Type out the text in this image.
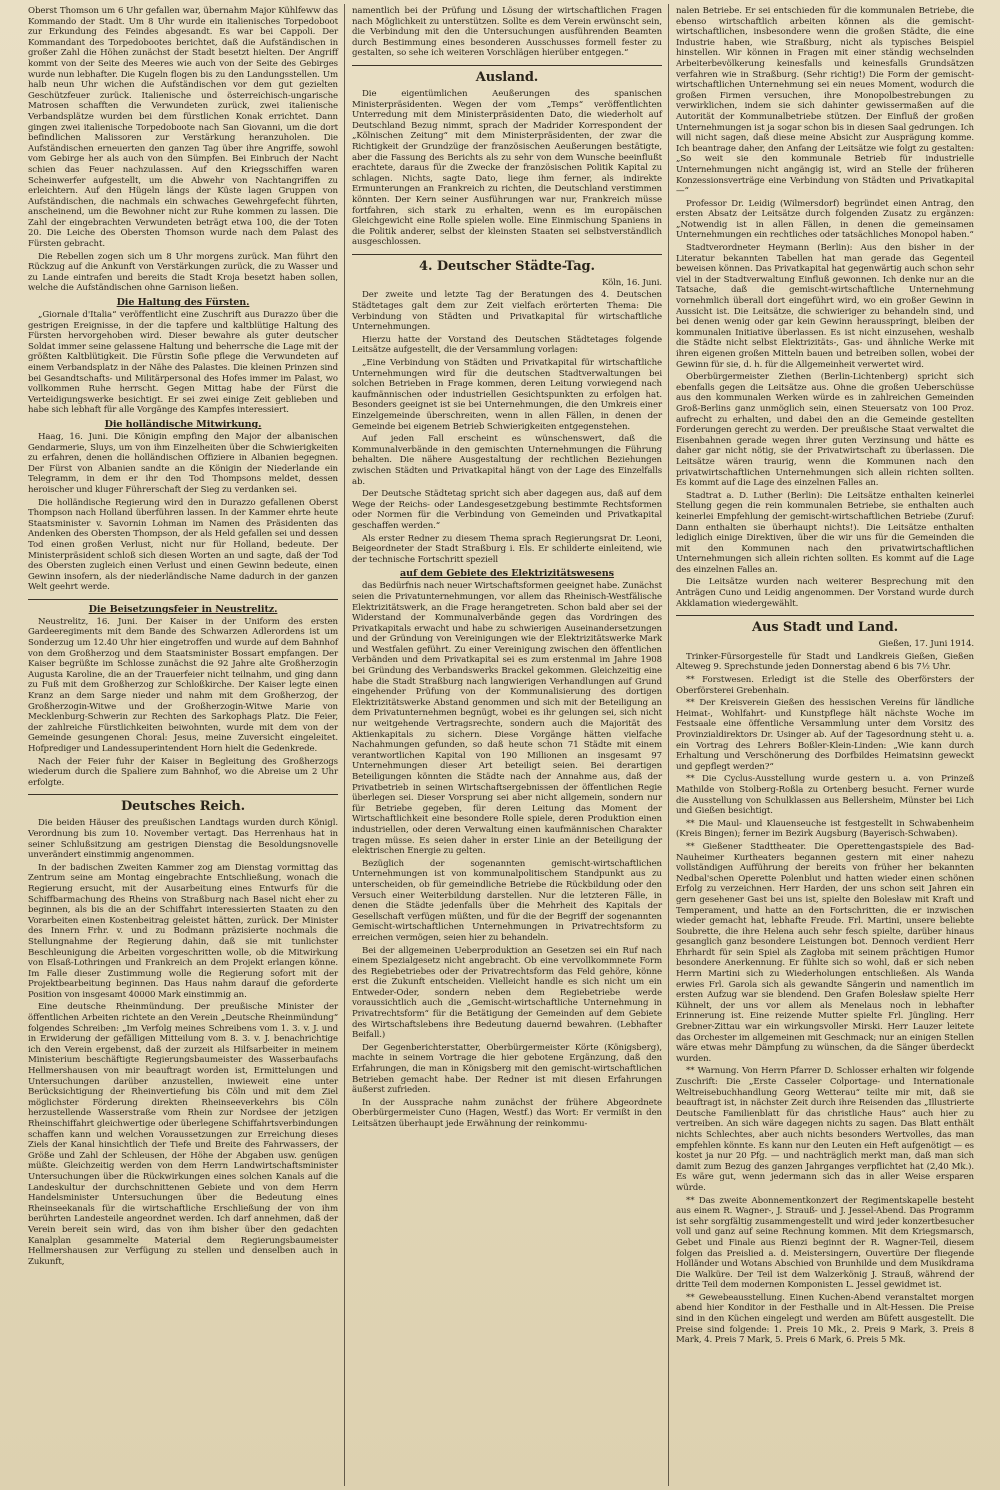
Oberst Thomson um 6 Uhr gefallen war, übernahm Major Kühlfeww das Kommando der Stadt. Um 8 Uhr wurde ein italienisches Torpedoboot zur Erkundung des Feindes abgesandt. Es war bei Cappoli. Der Kommandant des Torpedobootes berichtet, daß die Aufständischen in großer Zahl die Höhen zunächst der Stadt besetzt hielten. Der Angriff kommt von der Seite des Meeres wie auch von der Seite des Gebirges wurde nun lebhafter. Die Kugeln flogen bis zu den Landungsstellen. Um halb neun Uhr wichen die Aufständischen vor dem gut gezielten Geschützfeuer zurück. Italienische und österreichisch-ungarische Matrosen schafften die Verwundeten zurück, zwei italienische Verbandsplätze wurden bei dem fürstlichen Konak errichtet. Dann gingen zwei italienische Torpedoboote nach San Giovanni, um die dort befindlichen Malissoren zur Verstärkung heranzuholen. Die Aufständischen erneuerten den ganzen Tag über ihre Angriffe, sowohl vom Gebirge her als auch von den Sümpfen. Bei Einbruch der Nacht schien das Feuer nachzulassen. Auf den Kriegsschiffen waren Scheinwerfer aufgestellt, um die Abwehr von Nachtangriffen zu erleichtern. Auf den Hügeln längs der Küste lagen Gruppen von Aufständischen, die nachmals ein schwaches Gewehrgefecht führten, anscheinend, um die Bewohner nicht zur Ruhe kommen zu lassen. Die Zahl der eingebrachten Verwundeten beträgt etwa 100, die der Toten 20. Die Leiche des Obersten Thomson wurde nach dem Palast des Fürsten gebracht.

Die Rebellen zogen sich um 8 Uhr morgens zurück. Man führt den Rückzug auf die Ankunft von Verstärkungen zurück, die zu Wasser und zu Lande eintrafen und bereits die Stadt Kroja besetzt haben sollen, welche die Aufständischen ohne Garnison ließen.

Die Haltung des Fürsten.

„Giornale d'Italia“ veröffentlicht eine Zuschrift aus Durazzo über die gestrigen Ereignisse, in der die tapfere und kaltblütige Haltung des Fürsten hervorgehoben wird. Dieser bewahre als guter deutscher Soldat immer seine gelassene Haltung und beherrsche die Lage mit der größten Kaltblütigkeit. Die Fürstin Sofie pflege die Verwundeten auf einem Verbandsplatz in der Nähe des Palastes. Die kleinen Prinzen sind bei Gesandtschafts- und Militärpersonal des Hofes immer im Palast, wo vollkommen Ruhe herrscht. Gegen Mittag habe der Fürst die Verteidigungswerke besichtigt. Er sei zwei einige Zeit geblieben und habe sich lebhaft für alle Vorgänge des Kampfes interessiert.

Die holländische Mitwirkung.

Haag, 16. Juni. Die Königin empfing den Major der albanischen Gendarmerie, Sluys, um von ihm Einzelheiten über die Schwierigkeiten zu erfahren, denen die holländischen Offiziere in Albanien begegnen. Der Fürst von Albanien sandte an die Königin der Niederlande ein Telegramm, in dem er ihr den Tod Thompsons meldet, dessen heroischer und kluger Führerschaft der Sieg zu verdanken sei.

Die holländische Regierung wird den in Durazzo gefallenen Oberst Thompson nach Holland überführen lassen. In der Kammer ehrte heute Staatsminister v. Savornin Lohman im Namen des Präsidenten das Andenken des Obersten Thompson, der als Held gefallen sei und dessen Tod einen großen Verlust, nicht nur für Holland, bedeute. Der Ministerpräsident schloß sich diesen Worten an und sagte, daß der Tod des Obersten zugleich einen Verlust und einen Gewinn bedeute, einen Gewinn insofern, als der niederländische Name dadurch in der ganzen Welt geehrt werde.

Die Beisetzungsfeier in Neustrelitz.

Neustrelitz, 16. Juni. Der Kaiser in der Uniform des ersten Gardeeregiments mit dem Bande des Schwarzen Adlerordens ist um Sonderzug um 12.40 Uhr hier eingetroffen und wurde auf dem Bahnhof von dem Großherzog und dem Staatsminister Bossart empfangen. Der Kaiser begrüßte im Schlosse zunächst die 92 Jahre alte Großherzogin Augusta Karoline, die an der Trauerfeier nicht teilnahm, und ging dann zu Fuß mit dem Großherzog zur Schloßkirche. Der Kaiser legte einen Kranz an dem Sarge nieder und nahm mit dem Großherzog, der Großherzogin-Witwe und der Großherzogin-Witwe Marie von Mecklenburg-Schwerin zur Rechten des Sarkophags Platz. Die Feier, der zahlreiche Fürstlichkeiten beiwohnten, wurde mit dem von der Gemeinde gesungenen Choral: Jesus, meine Zuversicht eingeleitet. Hofprediger und Landessuperintendent Horn hielt die Gedenkrede.

Nach der Feier fuhr der Kaiser in Begleitung des Großherzogs wiederum durch die Spaliere zum Bahnhof, wo die Abreise um 2 Uhr erfolgte.

Deutsches Reich.

Die beiden Häuser des preußischen Landtags wurden durch Königl. Verordnung bis zum 10. November vertagt. Das Herrenhaus hat in seiner Schlußsitzung am gestrigen Dienstag die Besoldungsnovelle unverändert einstimmig angenommen.

In der badischen Zweiten Kammer zog am Dienstag vormittag das Zentrum seine am Montag eingebrachte Entschließung, wonach die Regierung ersucht, mit der Ausarbeitung eines Entwurfs für die Schiffbarmachung des Rheins von Straßburg nach Basel nicht eher zu beginnen, als bis die an der Schiffahrt interessierten Staaten zu den Vorarbeiten einen Kostenbeitrag geleistet hätten, zurück. Der Minister des Innern Frhr. v. und zu Bodmann präzisierte nochmals die Stellungnahme der Regierung dahin, daß sie mit tunlichster Beschleunigung die Arbeiten vorgeschritten wolle, ob die Mitwirkung von Elsaß-Lothringen und Frankreich an dem Projekt erlangen könne. Im Falle dieser Zustimmung wolle die Regierung sofort mit der Projektbearbeitung beginnen. Das Haus nahm darauf die geforderte Position von insgesamt 40000 Mark einstimmig an.

Eine deutsche Rheinmündung. Der preußische Minister der öffentlichen Arbeiten richtete an den Verein „Deutsche Rheinmündung“ folgendes Schreiben: „Im Verfolg meines Schreibens vom 1. 3. v. J. und in Erwiderung der gefälligen Mitteilung vom 8. 3. v. J. benachrichtige ich den Verein ergebenst, daß der zurzeit als Hilfsarbeiter in meinem Ministerium beschäftigte Regierungsbaumeister des Wasserbaufachs Hellmershausen von mir beauftragt worden ist, Ermittelungen und Untersuchungen darüber anzustellen, inwieweit eine unter Berücksichtigung der Rheinvertiefung bis Cöln und mit dem Ziel möglichster Förderung direkten Rheinseeverkehrs bis Cöln herzustellende Wasserstraße vom Rhein zur Nordsee der jetzigen Rheinschiffahrt gleichwertige oder überlegene Schiffahrtsverbindungen schaffen kann und welchen Voraussetzungen zur Erreichung dieses Ziels der Kanal hinsichtlich der Tiefe und Breite des Fahrwassers, der Größe und Zahl der Schleusen, der Höhe der Abgaben usw. genügen müßte. Gleichzeitig werden von dem Herrn Landwirtschaftsminister Untersuchungen über die Rückwirkungen eines solchen Kanals auf die Landeskultur der durchschnittenen Gebiete und von dem Herrn Handelsminister Untersuchungen über die Bedeutung eines Rheinseekanals für die wirtschaftliche Erschließung der von ihm berührten Landesteile angeordnet werden. Ich darf annehmen, daß der Verein bereit sein wird, das von ihm bisher über den gedachten Kanalplan gesammelte Material dem Regierungsbaumeister Hellmershausen zur Verfügung zu stellen und denselben auch in Zukunft,

namentlich bei der Prüfung und Lösung der wirtschaftlichen Fragen nach Möglichkeit zu unterstützen. Sollte es dem Verein erwünscht sein, die Verbindung mit den die Untersuchungen ausführenden Beamten durch Bestimmung eines besonderen Ausschusses formell fester zu gestalten, so sehe ich weiteren Vorschlägen hierüber entgegen.“

Ausland.

Die eigentümlichen Aeußerungen des spanischen Ministerpräsidenten. Wegen der vom „Temps“ veröffentlichten Unterredung mit dem Ministerpräsidenten Dato, die wiederholt auf Deutschland Bezug nimmt, sprach der Madrider Korrespondent der „Kölnischen Zeitung“ mit dem Ministerpräsidenten, der zwar die Richtigkeit der Grundzüge der französischen Aeußerungen bestätigte, aber die Fassung des Berichts als zu sehr von dem Wunsche beeinflußt erachtete, daraus für die Zwecke der französischen Politik Kapital zu schlagen. Nichts, sagte Dato, liege ihm ferner, als indirekte Ermunterungen an Frankreich zu richten, die Deutschland verstimmen könnten. Der Kern seiner Ausführungen war nur, Frankreich müsse fortfahren, sich stark zu erhalten, wenn es im europäischen Gleichgewicht eine Rolle spielen wolle. Eine Einmischung Spaniens in die Politik anderer, selbst der kleinsten Staaten sei selbstverständlich ausgeschlossen.

4. Deutscher Städte-Tag.
Köln, 16. Juni.

Der zweite und letzte Tag der Beratungen des 4. Deutschen Städtetages galt dem zur Zeit vielfach erörterten Thema: Die Verbindung von Städten und Privatkapital für wirtschaftliche Unternehmungen.

Hierzu hatte der Vorstand des Deutschen Städtetages folgende Leitsätze aufgestellt, die der Versammlung vorlagen:

„Eine Verbindung von Städten und Privatkapital für wirtschaftliche Unternehmungen wird für die deutschen Stadtverwaltungen bei solchen Betrieben in Frage kommen, deren Leitung vorwiegend nach kaufmännischen oder industriellen Gesichtspunkten zu erfolgen hat. Besonders geeignet ist sie bei Unternehmungen, die den Umkreis einer Einzelgemeinde überschreiten, wenn in allen Fällen, in denen der Gemeinde bei eigenem Betrieb Schwierigkeiten entgegenstehen.

Auf jeden Fall erscheint es wünschenswert, daß die Kommunalverbände in den gemischten Unternehmungen die Führung behalten. Die nähere Ausgestaltung der rechtlichen Beziehungen zwischen Städten und Privatkapital hängt von der Lage des Einzelfalls ab.

Der Deutsche Städtetag spricht sich aber dagegen aus, daß auf dem Wege der Reichs- oder Landesgesetzgebung bestimmte Rechtsformen oder Normen für die Verbindung von Gemeinden und Privatkapital geschaffen werden.“

Als erster Redner zu diesem Thema sprach Regierungsrat Dr. Leoni, Beigeordneter der Stadt Straßburg i. Els. Er schilderte einleitend, wie der technische Fortschritt speziell

auf dem Gebiete des Elektrizitätswesens

das Bedürfnis nach neuer Wirtschaftsformen geeignet habe. Zunächst seien die Privatunternehmungen, vor allem das Rheinisch-Westfälische Elektrizitätswerk, an die Frage herangetreten. Schon bald aber sei der Widerstand der Kommunalverbände gegen das Vordringen des Privatkapitals erwacht und habe zu schwierigen Auseinandersetzungen und der Gründung von Vereinigungen wie der Elektrizitätswerke Mark und Westfalen geführt. Zu einer Vereinigung zwischen den öffentlichen Verbänden und dem Privatkapital sei es zum erstenmal im Jahre 1908 bei Gründung des Verbandswerks Brackel gekommen. Gleichzeitig eine habe die Stadt Straßburg nach langwierigen Verhandlungen auf Grund eingehender Prüfung von der Kommunalisierung des dortigen Elektrizitätswerke Abstand genommen und sich mit der Beteiligung an dem Privatunternehmen begnügt, wobei es ihr gelungen sei, sich nicht nur weitgehende Vertragsrechte, sondern auch die Majorität des Aktienkapitals zu sichern. Diese Vorgänge hätten vielfache Nachahmungen gefunden, so daß heute schon 71 Städte mit einem verantwortlichen Kapital von 190 Millionen an insgesamt 97 Unternehmungen dieser Art beteiligt seien. Bei derartigen Beteiligungen könnten die Städte nach der Annahme aus, daß der Privatbetrieb in seinen Wirtschaftsergebnissen der öffentlichen Regie überlegen sei. Dieser Vorsprung sei aber nicht allgemein, sondern nur für Betriebe gegeben, für deren Leitung das Moment der Wirtschaftlichkeit eine besondere Rolle spiele, deren Produktion einen industriellen, oder deren Verwaltung einen kaufmännischen Charakter tragen müsse. Es seien daher in erster Linie an der Beteiligung der elektrischen Energie zu gelten.

Bezüglich der sogenannten gemischt-wirtschaftlichen Unternehmungen ist von kommunalpolitischem Standpunkt aus zu unterscheiden, ob für gemeindliche Betriebe die Rückbildung oder den Versuch einer Weiterbildung darstellen. Nur die letzteren Fälle, in denen die Städte jedenfalls über die Mehrheit des Kapitals der Gesellschaft verfügen müßten, und für die der Begriff der sogenannten Gemischt-wirtschaftlichen Unternehmungen in Privatrechtsform zu erreichen vermögen, seien hier zu behandeln.

Bei der allgemeinen Ueberproduktion an Gesetzen sei ein Ruf nach einem Spezialgesetz nicht angebracht. Ob eine vervollkommnete Form des Regiebetriebes oder der Privatrechtsform das Feld gehöre, könne erst die Zukunft entscheiden. Vielleicht handle es sich nicht um ein Entweder-Oder, sondern neben dem Regiebetriebe werde voraussichtlich auch die „Gemischt-wirtschaftliche Unternehmung in Privatrechtsform“ für die Betätigung der Gemeinden auf dem Gebiete des Wirtschaftslebens ihre Bedeutung dauernd bewahren. (Lebhafter Beifall.)

Der Gegenberichterstatter, Oberbürgermeister Körte (Königsberg), machte in seinem Vortrage die hier gebotene Ergänzung, daß den Erfahrungen, die man in Königsberg mit den gemischt-wirtschaftlichen Betrieben gemacht habe. Der Redner ist mit diesen Erfahrungen äußerst zufrieden.

In der Aussprache nahm zunächst der frühere Abgeordnete Oberbürgermeister Cuno (Hagen, Westf.) das Wort: Er vermißt in den Leitsätzen überhaupt jede Erwähnung der reinkommu-

nalen Betriebe. Er sei entschieden für die kommunalen Betriebe, die ebenso wirtschaftlich arbeiten können als die gemischt-wirtschaftlichen, insbesondere wenn die großen Städte, die eine Industrie haben, wie Straßburg, nicht als typisches Beispiel hinstellen. Wir können in Fragen mit einer ständig wechselnden Arbeiterbevölkerung keinesfalls und keinesfalls Grundsätzen verfahren wie in Straßburg. (Sehr richtig!) Die Form der gemischt-wirtschaftlichen Unternehmung sei ein neues Moment, wodurch die großen Firmen versuchen, ihre Monopolbestrebungen zu verwirklichen, indem sie sich dahinter gewissermaßen auf die Autorität der Kommunalbetriebe stützen. Der Einfluß der großen Unternehmungen ist ja sogar schon bis in diesen Saal gedrungen. Ich will nicht sagen, daß diese meine Absicht zur Ausprägung komme. Ich beantrage daher, den Anfang der Leitsätze wie folgt zu gestalten: „So weit sie den kommunale Betrieb für industrielle Unternehmungen nicht angängig ist, wird an Stelle der früheren Konzessionsverträge eine Verbindung von Städten und Privatkapital —“

Professor Dr. Leidig (Wilmersdorf) begründet einen Antrag, den ersten Absatz der Leitsätze durch folgenden Zusatz zu ergänzen: „Notwendig ist in allen Fällen, in denen die gemeinsamen Unternehmungen ein rechtliches oder tatsächliches Monopol haben.“

Stadtverordneter Heymann (Berlin): Aus den bisher in der Literatur bekannten Tabellen hat man gerade das Gegenteil beweisen können. Das Privatkapital hat gegenwärtig auch schon sehr viel in der Stadtverwaltung Einfluß gewonnen. Ich denke nur an die Tatsache, daß die gemischt-wirtschaftliche Unternehmung vornehmlich überall dort eingeführt wird, wo ein großer Gewinn in Aussicht ist. Die Leitsätze, die schwieriger zu behandeln sind, und bei denen wenig oder gar kein Gewinn herausspringt, bleiben der kommunalen Initiative überlassen. Es ist nicht einzusehen, weshalb die Städte nicht selbst Elektrizitäts-, Gas- und ähnliche Werke mit ihren eigenen großen Mitteln bauen und betreiben sollen, wobei der Gewinn für sie, d. h. für die Allgemeinheit verwertet wird.

Oberbürgermeister Ziethen (Berlin-Lichtenberg) spricht sich ebenfalls gegen die Leitsätze aus. Ohne die großen Ueberschüsse aus den kommunalen Werken würde es in zahlreichen Gemeinden Groß-Berlins ganz unmöglich sein, einen Steuersatz von 100 Proz. aufrecht zu erhalten, und dabei den an die Gemeinde gestellten Forderungen gerecht zu werden. Der preußische Staat verwaltet die Eisenbahnen gerade wegen ihrer guten Verzinsung und hätte es daher gar nicht nötig, sie der Privatwirtschaft zu überlassen. Die Leitsätze wären traurig, wenn die Kommunen nach den privatwirtschaftlichen Unternehmungen sich allein richten sollten. Es kommt auf die Lage des einzelnen Falles an.

Stadtrat a. D. Luther (Berlin): Die Leitsätze enthalten keinerlei Stellung gegen die rein kommunalen Betriebe, sie enthalten auch keinerlei Empfehlung der gemischt-wirtschaftlichen Betriebe (Zuruf: Dann enthalten sie überhaupt nichts!). Die Leitsätze enthalten lediglich einige Direktiven, über die wir uns für die Gemeinden die mit den Kommunen nach den privatwirtschaftlichen Unternehmungen sich allein richten sollten. Es kommt auf die Lage des einzelnen Falles an.

Die Leitsätze wurden nach weiterer Besprechung mit den Anträgen Cuno und Leidig angenommen. Der Vorstand wurde durch Akklamation wiedergewählt.

Aus Stadt und Land.
Gießen, 17. Juni 1914.

Trinker-Fürsorgestelle für Stadt und Landkreis Gießen, Gießen Alteweg 9. Sprechstunde jeden Donnerstag abend 6 bis 7½ Uhr.

** Forstwesen. Erledigt ist die Stelle des Oberförsters der Oberförsterei Grebenhain.

** Der Kreisverein Gießen des hessischen Vereins für ländliche Heimat-, Wohlfahrt- und Kunstpflege hält nächste Woche im Festsaale eine öffentliche Versammlung unter dem Vorsitz des Provinzialdirektors Dr. Usinger ab. Auf der Tagesordnung steht u. a. ein Vortrag des Lehrers Boßler-Klein-Linden: „Wie kann durch Erhaltung und Verschönerung des Dorfbildes Heimatsinn geweckt und gepflegt werden?“

** Die Cyclus-Ausstellung wurde gestern u. a. von Prinzeß Mathilde von Stolberg-Roßla zu Ortenberg besucht. Ferner wurde die Ausstellung von Schulklassen aus Bellersheim, Münster bei Lich und Gießen besichtigt.

** Die Maul- und Klauenseuche ist festgestellt in Schwabenheim (Kreis Bingen); ferner im Bezirk Augsburg (Bayerisch-Schwaben).

** Gießener Stadttheater. Die Operettengastspiele des Bad-Nauheimer Kurtheaters begannen gestern mit einer nahezu vollständigen Aufführung der bereits von früher her bekannten Nedbal'schen Operette Polenblut und hatten wieder einen schönen Erfolg zu verzeichnen. Herr Harden, der uns schon seit Jahren ein gern gesehener Gast bei uns ist, spielte den Bolesław mit Kraft und Temperament, und hatte an den Fortschritten, die er inzwischen wieder gemacht hat, lebhafte Freude. Frl. Martini, unsere beliebte Soubrette, die ihre Helena auch sehr fesch spielte, darüber hinaus gesanglich ganz besondere Leistungen bot. Dennoch verdient Herr Ehrhardt für sein Spiel als Zagłoba mit seinem prächtigen Humor besondere Anerkennung. Er fühlte sich so wohl, daß er sich neben Herrn Martini sich zu Wiederholungen entschließen. Als Wanda erwies Frl. Garola sich als gewandte Sängerin und namentlich im ersten Aufzug war sie blendend. Den Grafen Bolesław spielte Herr Kühnelt, der uns vor allem als Menelaus noch in lebhafter Erinnerung ist. Eine reizende Mutter spielte Frl. Jüngling. Herr Grebner-Zittau war ein wirkungsvoller Mirski. Herr Lauzer leitete das Orchester im allgemeinen mit Geschmack; nur an einigen Stellen wäre etwas mehr Dämpfung zu wünschen, da die Sänger überdeckt wurden.

** Warnung. Von Herrn Pfarrer D. Schlosser erhalten wir folgende Zuschrift: Die „Erste Casseler Colportage- und Internationale Weltreisebuchhandlung Georg Wetterau“ teilte mir mit, daß sie beauftragt ist, in nächster Zeit durch ihre Reisenden das „Illustrierte Deutsche Familienblatt für das christliche Haus“ auch hier zu vertreiben. An sich wäre dagegen nichts zu sagen. Das Blatt enthält nichts Schlechtes, aber auch nichts besonders Wertvolles, das man empfehlen könnte. Es kann nur den Leuten ein Heft aufgenötigt — es kostet ja nur 20 Pfg. — und nachträglich merkt man, daß man sich damit zum Bezug des ganzen Jahrganges verpflichtet hat (2,40 Mk.). Es wäre gut, wenn jedermann sich das in aller Weise ersparen würde.

** Das zweite Abonnementkonzert der Regimentskapelle besteht aus einem R. Wagner-, J. Strauß- und J. Jessel-Abend. Das Programm ist sehr sorgfältig zusammengestellt und wird jeder konzertbesucher voll und ganz auf seine Rechnung kommen. Mit dem Kriegsmarsch, Gebet und Finale aus Rienzi beginnt der R. Wagner-Teil, diesem folgen das Preislied a. d. Meistersingern, Ouvertüre Der fliegende Holländer und Wotans Abschied von Brunhilde und dem Musikdrama Die Walküre. Der Teil ist dem Walzerkönig J. Strauß, während der dritte Teil dem modernen Komponisten L. Jessel gewidmet ist.

** Gewebeausstellung. Einen Kuchen-Abend veranstaltet morgen abend hier Konditor in der Festhalle und in Alt-Hessen. Die Preise sind in den Küchen eingelegt und werden am Büfett ausgestellt. Die Preise sind folgende: 1. Preis 10 Mk., 2. Preis 9 Mark, 3. Preis 8 Mark, 4. Preis 7 Mark, 5. Preis 6 Mark, 6. Preis 5 Mk.
